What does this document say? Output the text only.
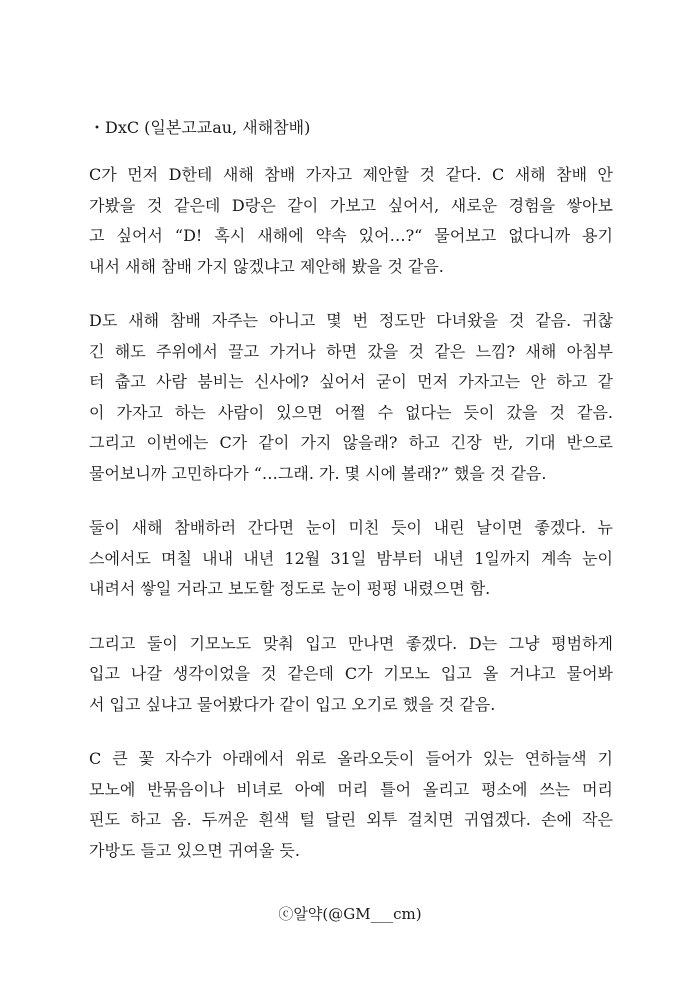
・DxC (일본고교au, 새해참배)
C가 먼저 D한테 새해 참배 가자고 제안할 것 같다. C 새해 참배 안
가봤을 것 같은데 D랑은 같이 가보고 싶어서, 새로운 경험을 쌓아보
고 싶어서 “D! 혹시 새해에 약속 있어…?“ 물어보고 없다니까 용기
내서 새해 참배 가지 않겠냐고 제안해 봤을 것 같음.
D도 새해 참배 자주는 아니고 몇 번 정도만 다녀왔을 것 같음. 귀찮
긴 해도 주위에서 끌고 가거나 하면 갔을 것 같은 느낌? 새해 아침부
터 춥고 사람 붐비는 신사에? 싶어서 굳이 먼저 가자고는 안 하고 같
이 가자고 하는 사람이 있으면 어쩔 수 없다는 듯이 갔을 것 같음.
그리고 이번에는 C가 같이 가지 않을래? 하고 긴장 반, 기대 반으로
물어보니까 고민하다가 “…그래. 가. 몇 시에 볼래?” 했을 것 같음.
둘이 새해 참배하러 간다면 눈이 미친 듯이 내린 날이면 좋겠다. 뉴
스에서도 며칠 내내 내년 12월 31일 밤부터 내년 1일까지 계속 눈이
내려서 쌓일 거라고 보도할 정도로 눈이 펑펑 내렸으면 함.
그리고 둘이 기모노도 맞춰 입고 만나면 좋겠다. D는 그냥 평범하게
입고 나갈 생각이었을 것 같은데 C가 기모노 입고 올 거냐고 물어봐
서 입고 싶냐고 물어봤다가 같이 입고 오기로 했을 것 같음.
C 큰 꽃 자수가 아래에서 위로 올라오듯이 들어가 있는 연하늘색 기
모노에 반묶음이나 비녀로 아예 머리 틀어 올리고 평소에 쓰는 머리
핀도 하고 옴. 두꺼운 흰색 털 달린 외투 걸치면 귀엽겠다. 손에 작은
가방도 들고 있으면 귀여울 듯.
ⓒ알약(@GM___cm)
